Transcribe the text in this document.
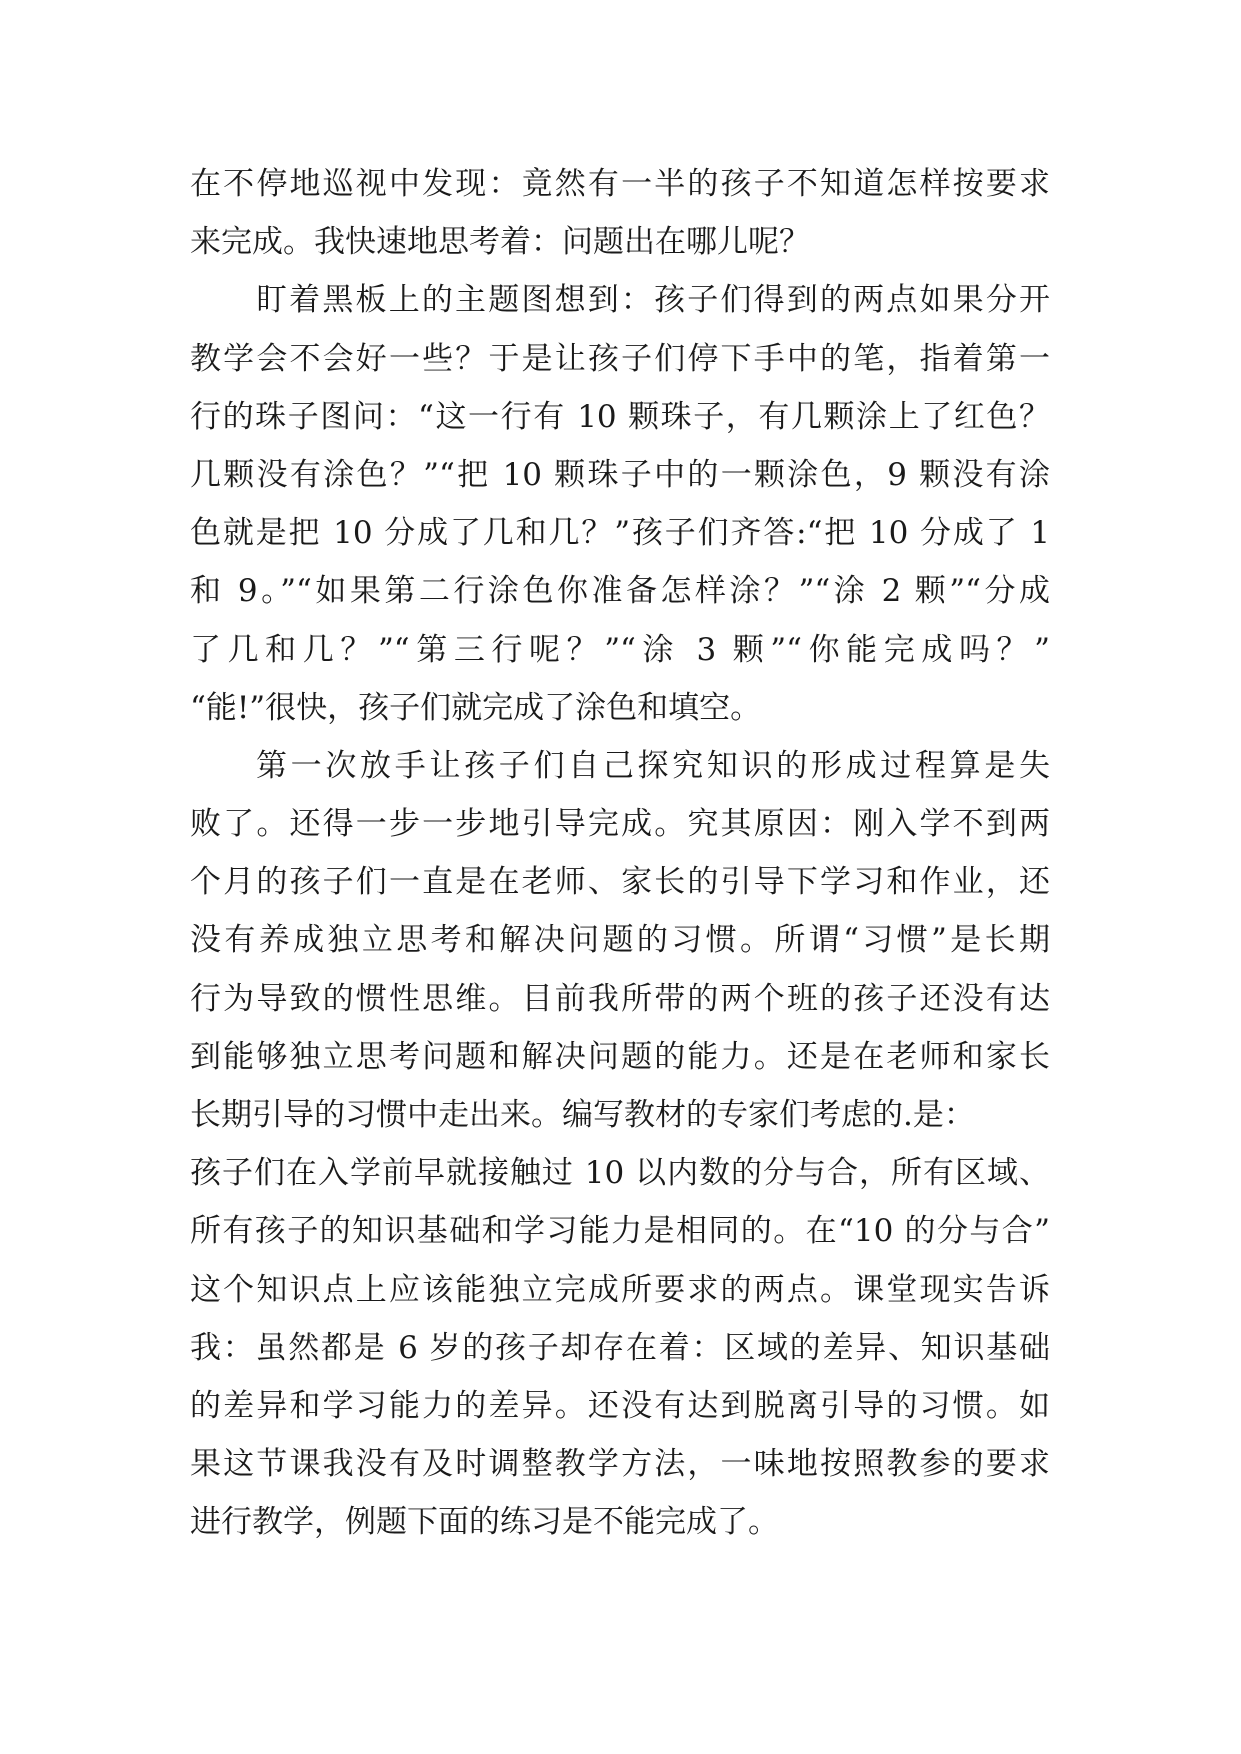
在不停地巡视中发现：竟然有一半的孩子不知道怎样按要求
来完成。我快速地思考着：问题出在哪儿呢？
盯着黑板上的主题图想到：孩子们得到的两点如果分开
教学会不会好一些？于是让孩子们停下手中的笔，指着第一
行的珠子图问：“这一行有 10 颗珠子，有几颗涂上了红色？
几颗没有涂色？”“把 10 颗珠子中的一颗涂色，9 颗没有涂
色就是把 10 分成了几和几？”孩子们齐答:“把 10 分成了 1
和 9。”“如果第二行涂色你准备怎样涂？”“涂 2 颗”“分成
了几和几？”“第三行呢？”“涂 3 颗”“你能完成吗？”
“能!”很快，孩子们就完成了涂色和填空。
第一次放手让孩子们自己探究知识的形成过程算是失
败了。还得一步一步地引导完成。究其原因：刚入学不到两
个月的孩子们一直是在老师、家长的引导下学习和作业，还
没有养成独立思考和解决问题的习惯。所谓“习惯”是长期
行为导致的惯性思维。目前我所带的两个班的孩子还没有达
到能够独立思考问题和解决问题的能力。还是在老师和家长
长期引导的习惯中走出来。编写教材的专家们考虑的.是：
孩子们在入学前早就接触过 10 以内数的分与合，所有区域、
所有孩子的知识基础和学习能力是相同的。在“10 的分与合”
这个知识点上应该能独立完成所要求的两点。课堂现实告诉
我：虽然都是 6 岁的孩子却存在着：区域的差异、知识基础
的差异和学习能力的差异。还没有达到脱离引导的习惯。如
果这节课我没有及时调整教学方法，一味地按照教参的要求
进行教学，例题下面的练习是不能完成了。
